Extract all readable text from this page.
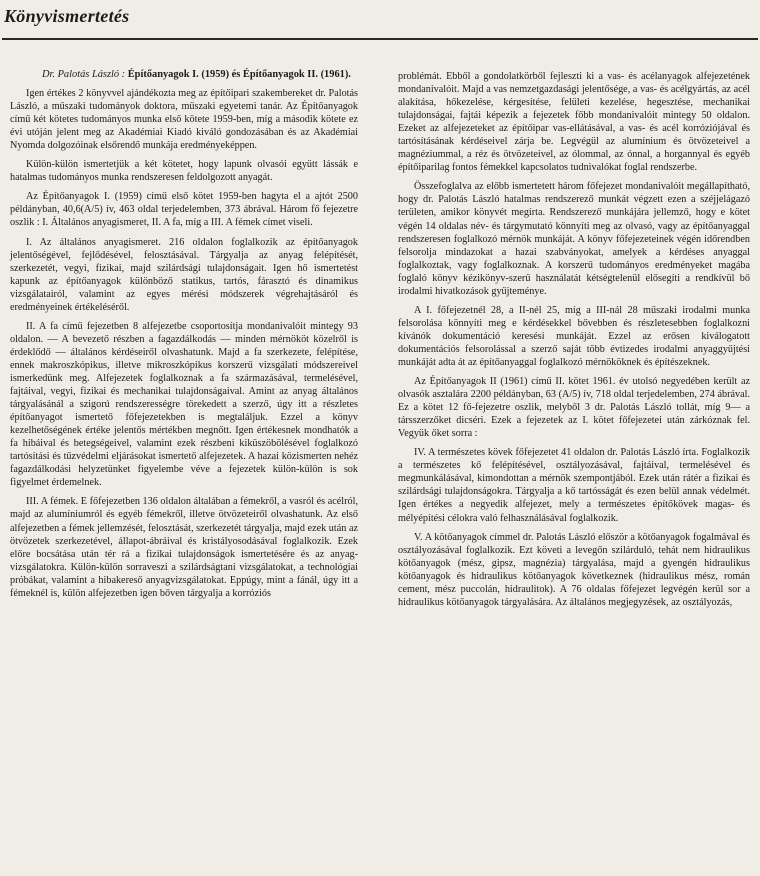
Könyvismertetés

Dr. Palotás László : Építőanyagok I. (1959) és Építőanyagok II. (1961).

Igen értékes 2 könyvvel ajándékozta meg az építőipari szakembereket dr. Palotás László, a műszaki tudományok doktora, műszaki egyetemi tanár. Az Építőanyagok című két kötetes tudományos munka első kötete 1959-ben, míg a második kötete ez évi utóján jelent meg az Akadémiai Kiadó kiváló gondozásában és az Akadémiai Nyomda dolgozóinak elsőrendő munkája eredményeképpen.

Külön-külön ismertetjük a két kötetet, hogy lapunk olvasói együtt lássák e hatalmas tudományos munka rendszeresen feldolgozott anyagát.

Az Építőanyagok I. (1959) című első kötet 1959-ben hagyta el a ajtót 2500 példányban, 40,6(A/5) ív, 463 oldal terjedelemben, 373 ábrával. Három fő fejezetre oszlik : I. Általános anyagismeret, II. A fa, míg a III. A fémek címet viseli.

I. Az általános anyagismeret. 216 oldalon foglalkozik az építőanyagok jelentőségével, fejlődésével, felosztásával. Tárgyalja az anyag felépítését, szerkezetét, vegyi, fizikai, majd szilárdsági tulajdonságait. Igen hő ismertetést kapunk az építőanyagok különböző statikus, tartós, fárasztó és dinamikus vizsgálatairól, valamint az egyes mérési módszerek végrehajtásáról és eredményeinek értékeléséről.

II. A fa című fejezetben 8 alfejezetbe csoportosítja mondanivalóit mintegy 93 oldalon. — A bevezető részben a fagazdálkodás — minden mérnököt közelről is érdeklődő — általános kérdéseiről olvashatunk. Majd a fa szerkezete, felépítése, ennek makroszkópikus, illetve mikroszkópikus korszerű vizsgálati módszereivel ismerkedünk meg. Alfejezetek foglalkoznak a fa származásával, termelésével, fajtáival, vegyi, fizikai és mechanikai tulajdonságaival. Amint az anyag általános tárgyalásánál a szigorú rendszerességre törekedett a szerző, úgy itt a részletes építőanyagot ismertető főfejezetekben is megtaláljuk. Ezzel a könyv kezelhetőségének értéke jelentős mértékben megnőtt. Igen értékesnek mondhatók a fa hibáival és betegségeivel, valamint ezek részbeni kiküszöbölésével foglalkozó tartósítási és tűzvédelmi eljárásokat ismertető alfejezetek. A hazai közismerten nehéz fagazdálkodási helyzetünket figyelembe véve a fejezetek külön-külön is sok figyelmet érdemelnek.

III. A fémek. E főfejezetben 136 oldalon általában a fémekről, a vasról és acélról, majd az alumíniumról és egyéb fémekről, illetve ötvözeteiről olvashatunk. Az első alfejezetben a fémek jellemzését, felosztását, szerkezetét tárgyalja, majd ezek után az ötvözetek szerkezetével, állapot-ábráival és kristályosodásával foglalkozik. Ezek előre bocsátása után tér rá a fizikai tulajdonságok ismertetésére és az anyag-vizsgálatokra. Külön-külön sorraveszi a szilárdságtani vizsgálatokat, a technológiai próbákat, valamint a hibakereső anyagvizsgálatokat. Eppúgy, mint a fánál, úgy itt a fémeknél is, külön alfejezetben igen bőven tárgyalja a korróziós

problémát. Ebből a gondolatkörből fejleszti ki a vas- és acélanyagok alfejezetének mondanivalóit. Majd a vas nemzetgazdasági jelentősége, a vas- és acélgyártás, az acél alakítása, hőkezelése, kérgesítése, felületi kezelése, hegesztése, mechanikai tulajdonságai, fajtái képezik a fejezetek főbb mondanivalóit mintegy 50 oldalon. Ezeket az alfejezeteket az építőipar vas-ellátásával, a vas- és acél korróziójával és tartósításának kérdéseivel zárja be. Legvégül az alumínium és ötvözeteivel a magnéziummal, a réz és ötvözeteivel, az ólommal, az ónnal, a horgannyal és egyéb építőiparilag fontos fémekkel kapcsolatos tudnivalókat foglal rendszerbe.

Összefoglalva az előbb ismertetett három főfejezet mondanivalóit megállapítható, hogy dr. Palotás László hatalmas rendszerező munkát végzett ezen a széjjelágazó területen, amikor könyvét megírta. Rendszerező munkájára jellemző, hogy e kötet végén 14 oldalas név- és tárgymutató könnyíti meg az olvasó, vagy az építőanyaggal rendszeresen foglalkozó mérnök munkáját. A könyv főfejezeteinek végén időrendben felsorolja mindazokat a hazai szabványokat, amelyek a kérdéses anyaggal foglalkoztak, vagy foglalkoznak. A korszerű tudományos eredményeket magába foglaló könyv kézikönyv-szerű használatát kétségtelenül elősegíti a rendkívül bő irodalmi hivatkozások gyűjteménye.

A I. főfejezetnél 28, a II-nél 25, míg a III-nál 28 műszaki irodalmi munka felsorolása könnyíti meg e kérdésekkel bővebben és részletesebben foglalkozni kívánók dokumentáció keresési munkáját. Ezzel az erősen kiválogatott dokumentációs felsorolással a szerző saját több évtizedes irodalmi anyaggyűjtési munkáját adta át az építőanyaggal foglalkozó mérnököknek és építészeknek.

Az Építőanyagok II (1961) című II. kötet 1961. év utolsó negyedében került az olvasók asztalára 2200 példányban, 63 (A/5) ív, 718 oldal terjedelemben, 274 ábrával. Ez a kötet 12 fő-fejezetre oszlik, melyből 3 dr. Palotás László tollát, míg 9— a társszerzőket dicséri. Ezek a fejezetek az I. kötet főfejezetei után zárkóznak fel. Vegyük őket sorra :

IV. A természetes kövek főfejezetet 41 oldalon dr. Palotás László írta. Foglalkozik a természetes kő felépítésével, osztályozásával, fajtáival, termelésével és megmunkálásával, kimondottan a mérnök szempontjából. Ezek után rátér a fizikai és szilárdsági tulajdonságokra. Tárgyalja a kő tartósságát és ezen belül annak védelmét. Igen értékes a negyedik alfejezet, mely a természetes építőkövek magas- és mélyépítési célokra való felhasználásával foglalkozik.

V. A kötőanyagok címmel dr. Palotás László először a kötőanyagok fogalmával és osztályozásával foglalkozik. Ezt követi a levegőn szilárduló, tehát nem hidraulikus kötőanyagok (mész, gipsz, magnézia) tárgyalása, majd a gyengén hidraulikus kötőanyagok és hidraulikus kötőanyagok következnek (hidraulikus mész, román cement, mész puccolán, hidraulitok). A 76 oldalas főfejezet legvégén kerül sor a hidraulikus kötőanyagok tárgyalására. Az általános megjegyzések, az osztályozás,
